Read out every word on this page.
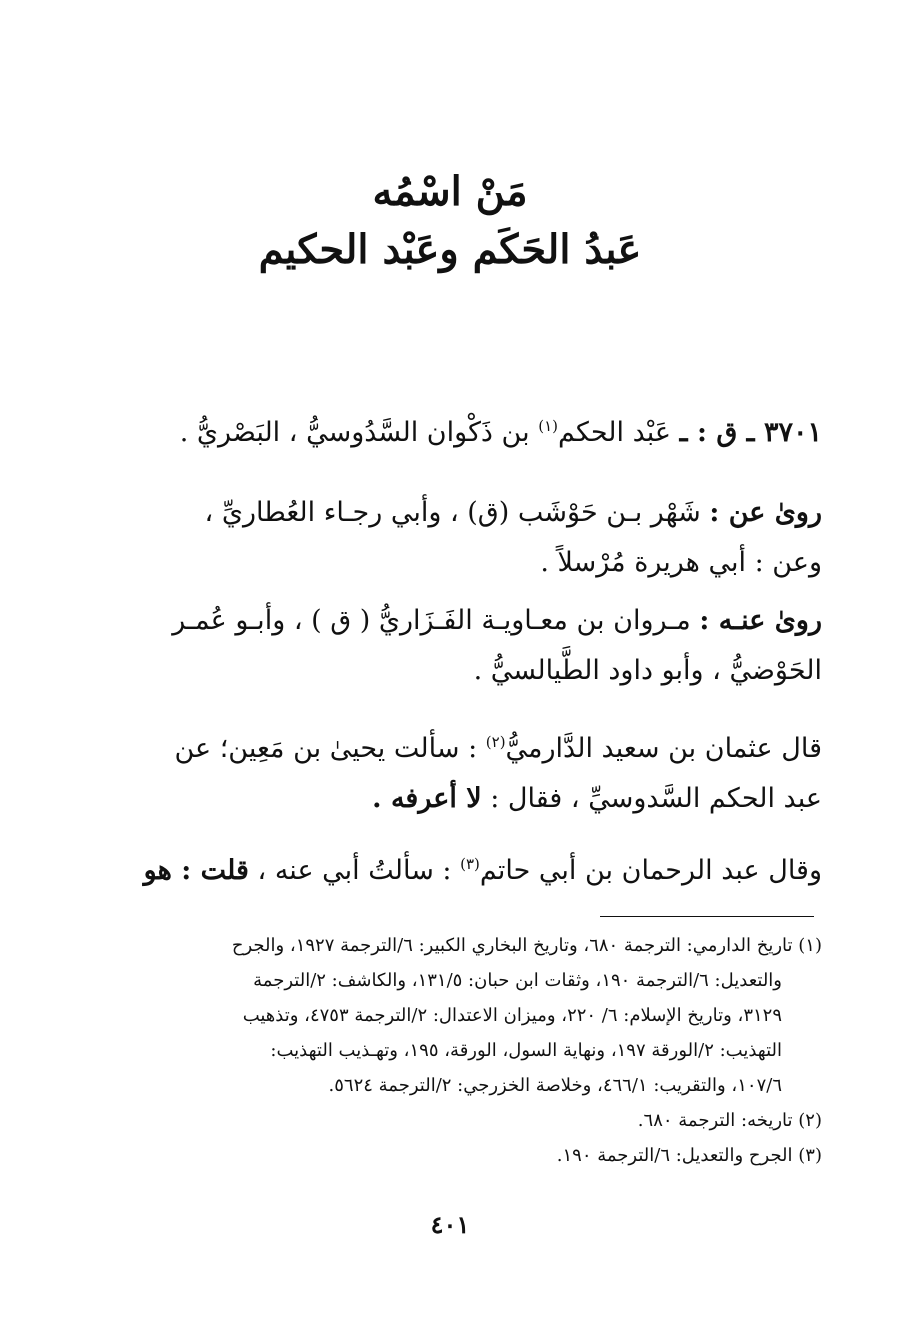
مَنْ اسْمُه
عَبدُ الحَكَم وعَبْد الحكيم
٣٧٠١ ـ ق : ـ عَبْد الحكم$^{(١)}$ بن ذَكْوان السَّدُوسيُّ ، البَصْريُّ .
روىٰ عن : شَهْر بـن حَوْشَب (ق) ، وأبي رجـاء العُطاريِّ ،
وعن : أبي هريرة مُرْسلاً .
روىٰ عنـه : مـروان بن معـاويـة الفَـزَاريُّ ( ق ) ، وأبـو عُمـر
الحَوْضيُّ ، وأبو داود الطَّيالسيُّ .
قال عثمان بن سعيد الدَّارميُّ$^{(٢)}$ : سألت يحيىٰ بن مَعِين؛ عن
عبد الحكم السَّدوسيِّ ، فقال : لا أعرفه .
وقال عبد الرحمان بن أبي حاتم$^{(٣)}$ : سألتُ أبي عنه ، قلت : هو
(١) تاريخ الدارمي: الترجمة ٦٨٠، وتاريخ البخاري الكبير: ٦/الترجمة ١٩٢٧، والجرح
والتعديل: ٦/الترجمة ١٩٠، وثقات ابن حبان: ١٣١/٥، والكاشف: ٢/الترجمة
٣١٢٩، وتاريخ الإسلام: ٦/ ٢٢٠، وميزان الاعتدال: ٢/الترجمة ٤٧٥٣، وتذهيب
التهذيب: ٢/الورقة ١٩٧، ونهاية السول، الورقة، ١٩٥، وتهـذيب التهذيب:
١٠٧/٦، والتقريب: ٤٦٦/١، وخلاصة الخزرجي: ٢/الترجمة ٥٦٢٤.
(٢) تاريخه: الترجمة ٦٨٠.
(٣) الجرح والتعديل: ٦/الترجمة ١٩٠.
٤٠١
